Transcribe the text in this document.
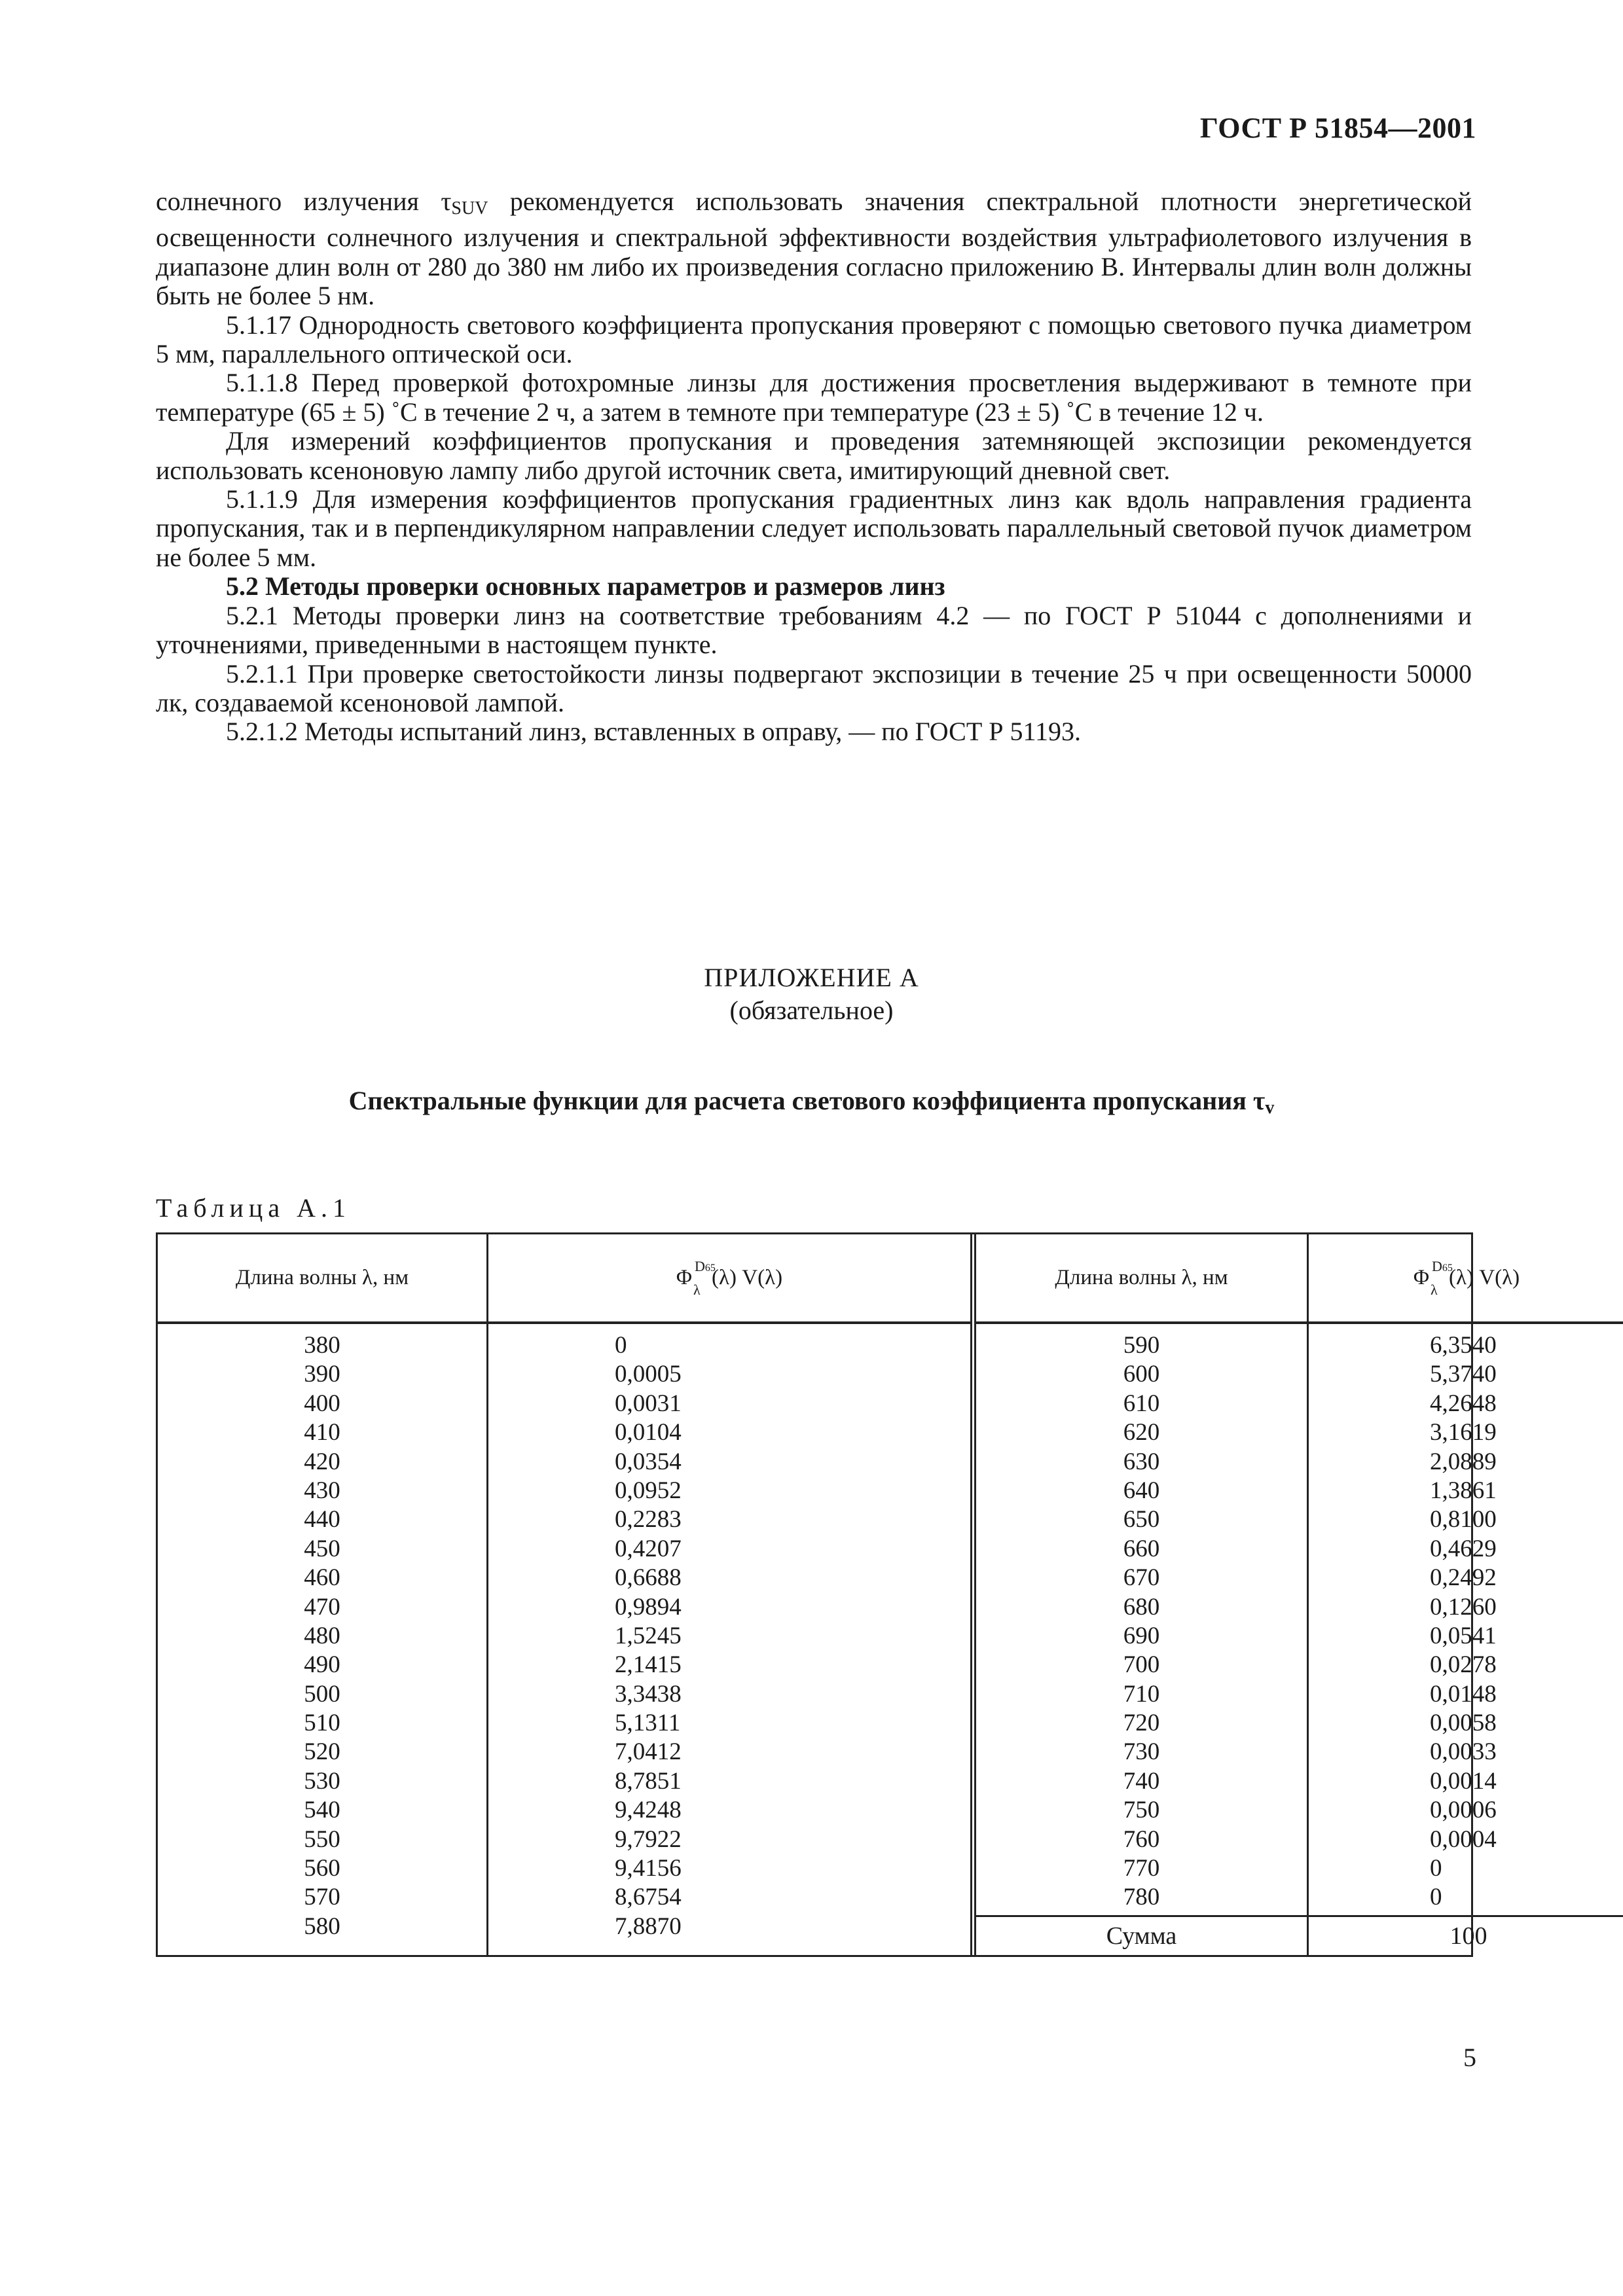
ГОСТ Р 51854—2001

солнечного излучения $\tau_{SUV}$ рекомендуется использовать значения спектральной плотности энергетической освещенности солнечного излучения и спектральной эффективности воздействия ультрафиолетового излучения в диапазоне длин волн от 280 до 380 нм либо их произведения согласно приложению В. Интервалы длин волн должны быть не более 5 нм.

5.1.17 Однородность светового коэффициента пропускания проверяют с помощью светового пучка диаметром 5 мм, параллельного оптической оси.

5.1.1.8 Перед проверкой фотохромные линзы для достижения просветления выдерживают в темноте при температуре (65 ± 5) ˚С в течение 2 ч, а затем в темноте при температуре (23 ± 5) ˚С в течение 12 ч.

Для измерений коэффициентов пропускания и проведения затемняющей экспозиции рекомендуется использовать ксеноновую лампу либо другой источник света, имитирующий дневной свет.

5.1.1.9 Для измерения коэффициентов пропускания градиентных линз как вдоль направления градиента пропускания, так и в перпендикулярном направлении следует использовать параллельный световой пучок диаметром не более 5 мм.

5.2 Методы проверки основных параметров и размеров линз

5.2.1 Методы проверки линз на соответствие требованиям 4.2 — по ГОСТ Р 51044 с дополнениями и уточнениями, приведенными в настоящем пункте.

5.2.1.1 При проверке светостойкости линзы подвергают экспозиции в течение 25 ч при освещенности 50000 лк, создаваемой ксеноновой лампой.

5.2.1.2 Методы испытаний линз, вставленных в оправу, — по ГОСТ Р 51193.

ПРИЛОЖЕНИЕ А
(обязательное)
Спектральные функции для расчета светового коэффициента пропускания $\tau_v$
Таблица А.1
Длина волны λ, нм
380
390
400
410
420
430
440
450
460
470
480
490
500
510
520
530
540
550
560
570
580
Φ D65
λ (λ) V(λ)
0
0,0005
0,0031
0,0104
0,0354
0,0952
0,2283
0,4207
0,6688
0,9894
1,5245
2,1415
3,3438
5,1311
7,0412
8,7851
9,4248
9,7922
9,4156
8,6754
7,8870
Длина волны λ, нм
590
600
610
620
630
640
650
660
670
680
690
700
710
720
730
740
750
760
770
780
Сумма
Φ D65
λ (λ) V(λ)
6,3540
5,3740
4,2648
3,1619
2,0889
1,3861
0,8100
0,4629
0,2492
0,1260
0,0541
0,0278
0,0148
0,0058
0,0033
0,0014
0,0006
0,0004
0
0
100
5
